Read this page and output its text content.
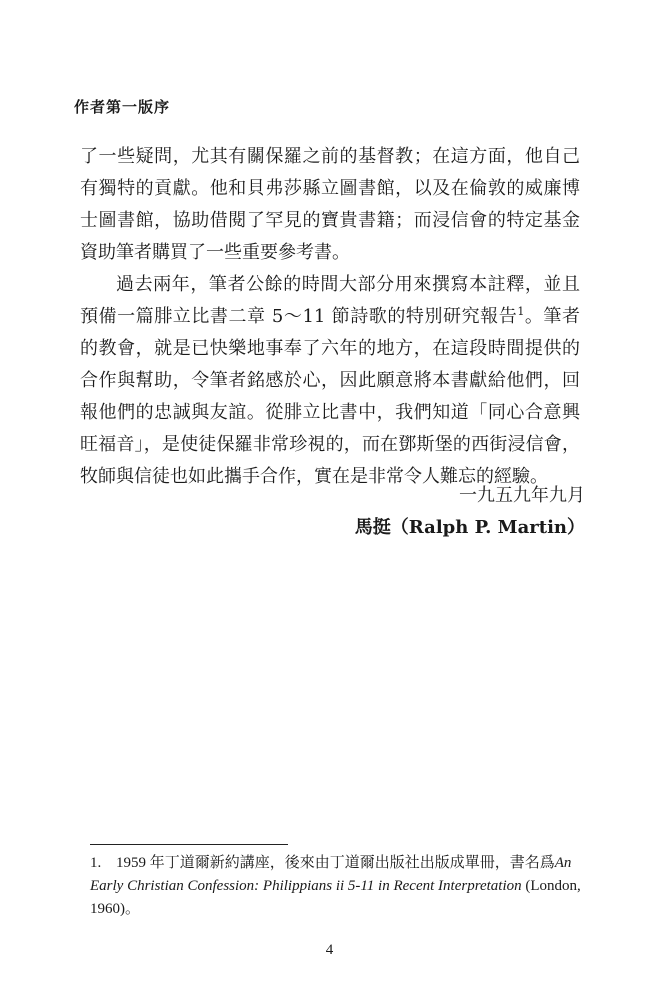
作者第一版序

了一些疑問，尤其有關保羅之前的基督教；在這方面，他自己有獨特的貢獻。他和貝弗莎縣立圖書館，以及在倫敦的威廉博士圖書館，協助借閱了罕見的寶貴書籍；而浸信會的特定基金資助筆者購買了一些重要參考書。

過去兩年，筆者公餘的時間大部分用來撰寫本註釋，並且預備一篇腓立比書二章 5～11 節詩歌的特別研究報告$^1$。筆者的教會，就是已快樂地事奉了六年的地方，在這段時間提供的合作與幫助，令筆者銘感於心，因此願意將本書獻給他們，回報他們的忠誠與友誼。從腓立比書中，我們知道「同心合意興旺福音」，是使徒保羅非常珍視的，而在鄧斯堡的西街浸信會，牧師與信徒也如此攜手合作，實在是非常令人難忘的經驗。

一九五九年九月
馬挺（Ralph P. Martin）
1. 1959 年丁道爾新約講座，後來由丁道爾出版社出版成單冊，書名爲An Early Christian Confession: Philippians ii 5-11 in Recent Interpretation (London, 1960)。
4
